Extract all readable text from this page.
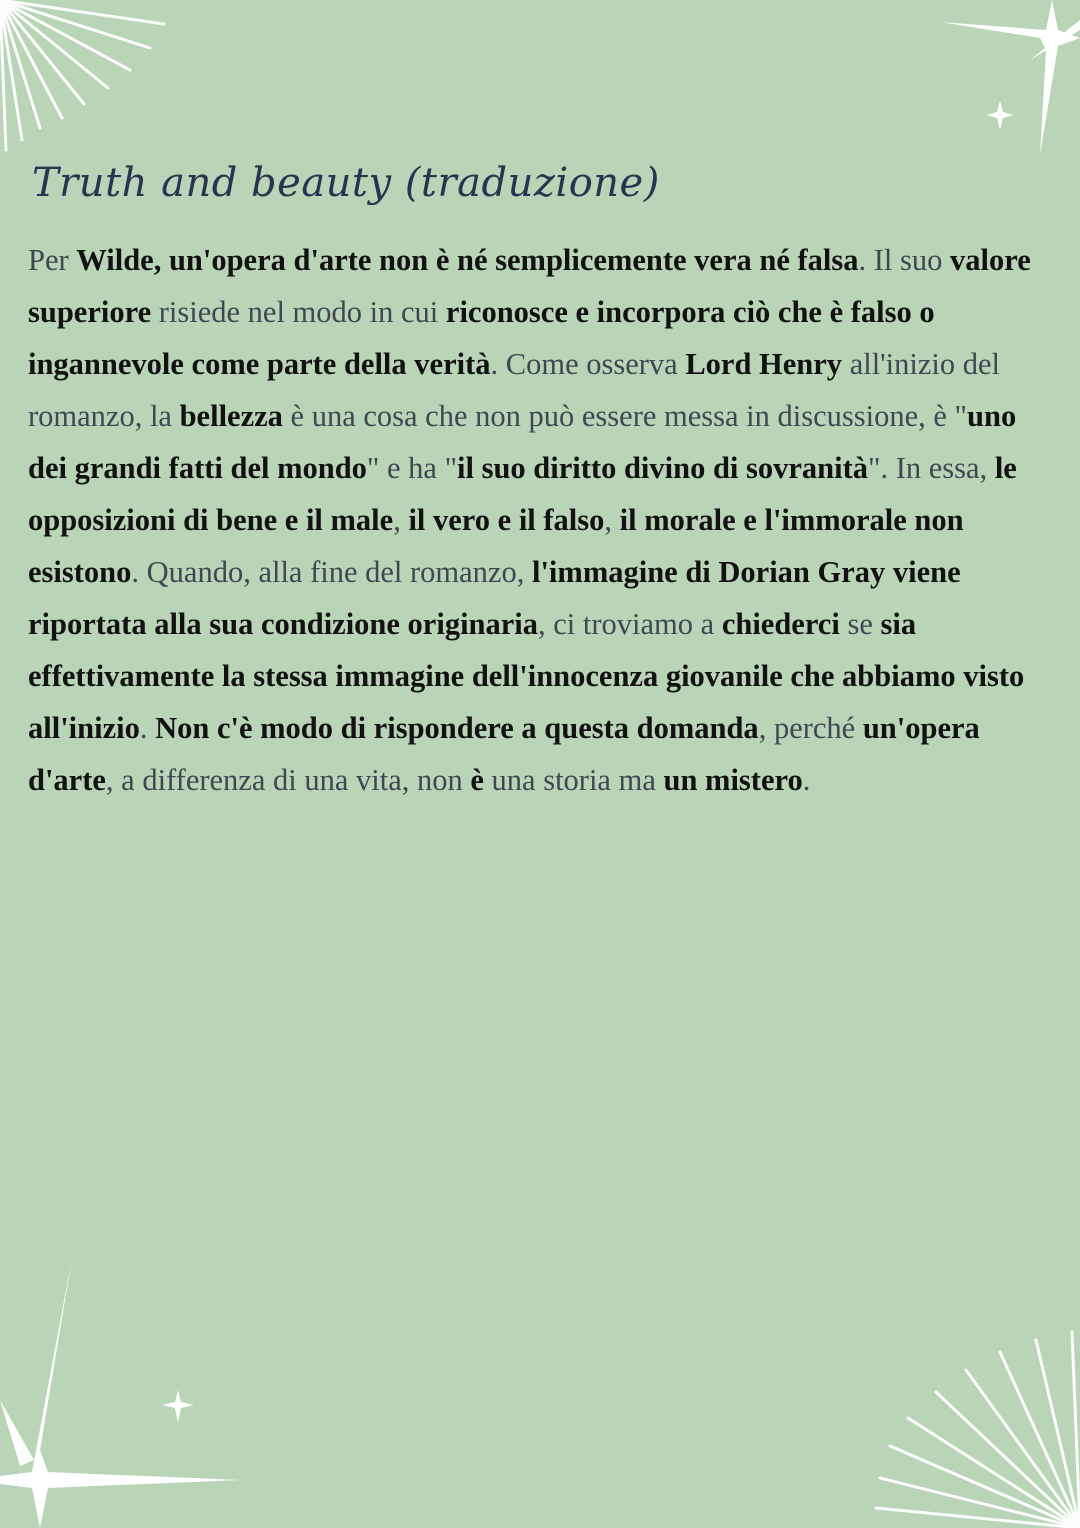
Truth and beauty (traduzione)

Per Wilde, un'opera d'arte non è né semplicemente vera né falsa. Il suo valore superiore risiede nel modo in cui riconosce e incorpora ciò che è falso o ingannevole come parte della verità. Come osserva Lord Henry all'inizio del romanzo, la bellezza è una cosa che non può essere messa in discussione, è "uno dei grandi fatti del mondo" e ha "il suo diritto divino di sovranità". In essa, le opposizioni di bene e il male, il vero e il falso, il morale e l'immorale non esistono. Quando, alla fine del romanzo, l'immagine di Dorian Gray viene riportata alla sua condizione originaria, ci troviamo a chiederci se sia effettivamente la stessa immagine dell'innocenza giovanile che abbiamo visto all'inizio. Non c'è modo di rispondere a questa domanda, perché un'opera d'arte, a differenza di una vita, non è una storia ma un mistero.
